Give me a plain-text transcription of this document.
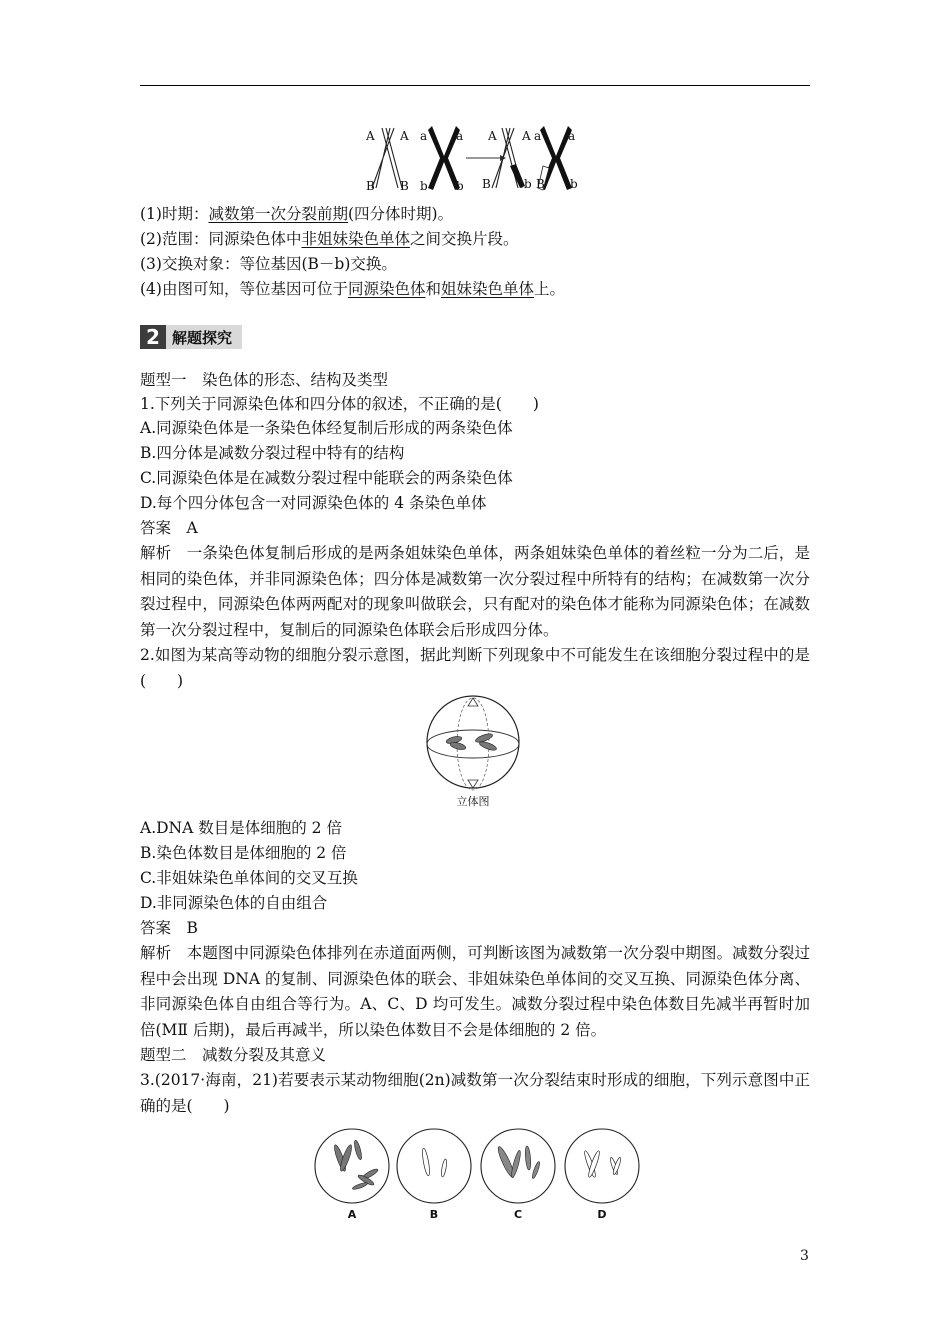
A A a a
B B b b
A A a a
B	b B b
(1)时期：减数第一次分裂前期(四分体时期)。
(2)范围：同源染色体中非姐妹染色单体之间交换片段。
(3)交换对象：等位基因(B－b)交换。
(4)由图可知，等位基因可位于同源染色体和姐妹染色单体上。
2 解题探究
题型一　染色体的形态、结构及类型
1.下列关于同源染色体和四分体的叙述，不正确的是(　　)
A.同源染色体是一条染色体经复制后形成的两条染色体
B.四分体是减数分裂过程中特有的结构
C.同源染色体是在减数分裂过程中能联会的两条染色体
D.每个四分体包含一对同源染色体的 4 条染色单体
答案　A
解析　一条染色体复制后形成的是两条姐妹染色单体，两条姐妹染色单体的着丝粒一分为二后，是相同的染色体，并非同源染色体；四分体是减数第一次分裂过程中所特有的结构；在减数第一次分裂过程中，同源染色体两两配对的现象叫做联会，只有配对的染色体才能称为同源染色体；在减数第一次分裂过程中，复制后的同源染色体联会后形成四分体。
2.如图为某高等动物的细胞分裂示意图，据此判断下列现象中不可能发生在该细胞分裂过程中的是(　　)
立体图
A.DNA 数目是体细胞的 2 倍
B.染色体数目是体细胞的 2 倍
C.非姐妹染色单体间的交叉互换
D.非同源染色体的自由组合
答案　B
解析　本题图中同源染色体排列在赤道面两侧，可判断该图为减数第一次分裂中期图。减数分裂过程中会出现 DNA 的复制、同源染色体的联会、非姐妹染色单体间的交叉互换、同源染色体分离、非同源染色体自由组合等行为。A、C、D 均可发生。减数分裂过程中染色体数目先减半再暂时加倍(MⅡ 后期)，最后再减半，所以染色体数目不会是体细胞的 2 倍。
题型二　减数分裂及其意义
3.(2017·海南，21)若要表示某动物细胞(2n)减数第一次分裂结束时形成的细胞，下列示意图中正确的是(　　)
A	B	C	D
3
